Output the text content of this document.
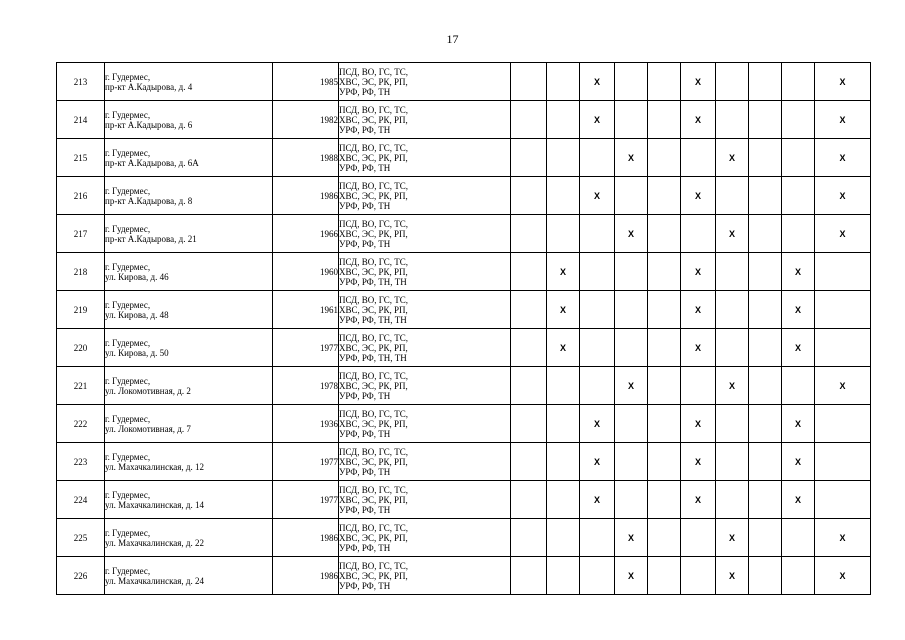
17
213	г. Гудермес,
пр-кт А.Кадырова, д. 4	1985	ПСД, ВО, ГС, ТС,
ХВС, ЭС, РК, РП,
УРФ, РФ, ТН			X			X				X
214	г. Гудермес,
пр-кт А.Кадырова, д. 6	1982	ПСД, ВО, ГС, ТС,
ХВС, ЭС, РК, РП,
УРФ, РФ, ТН			X			X				X
215	г. Гудермес,
пр-кт А.Кадырова, д. 6А	1988	ПСД, ВО, ГС, ТС,
ХВС, ЭС, РК, РП,
УРФ, РФ, ТН				X			X			X
216	г. Гудермес,
пр-кт А.Кадырова, д. 8	1986	ПСД, ВО, ГС, ТС,
ХВС, ЭС, РК, РП,
УРФ, РФ, ТН			X			X				X
217	г. Гудермес,
пр-кт А.Кадырова, д. 21	1966	ПСД, ВО, ГС, ТС,
ХВС, ЭС, РК, РП,
УРФ, РФ, ТН				X			X			X
218	г. Гудермес,
ул. Кирова, д. 46	1960	ПСД, ВО, ГС, ТС,
ХВС, ЭС, РК, РП,
УРФ, РФ, ТН, ТН		X				X			X	
219	г. Гудермес,
ул. Кирова, д. 48	1961	ПСД, ВО, ГС, ТС,
ХВС, ЭС, РК, РП,
УРФ, РФ, ТН, ТН		X				X			X	
220	г. Гудермес,
ул. Кирова, д. 50	1977	ПСД, ВО, ГС, ТС,
ХВС, ЭС, РК, РП,
УРФ, РФ, ТН, ТН		X				X			X	
221	г. Гудермес,
ул. Локомотивная, д. 2	1978	ПСД, ВО, ГС, ТС,
ХВС, ЭС, РК, РП,
УРФ, РФ, ТН				X			X			X
222	г. Гудермес,
ул. Локомотивная, д. 7	1936	ПСД, ВО, ГС, ТС,
ХВС, ЭС, РК, РП,
УРФ, РФ, ТН			X			X			X	
223	г. Гудермес,
ул. Махачкалинская, д. 12	1977	ПСД, ВО, ГС, ТС,
ХВС, ЭС, РК, РП,
УРФ, РФ, ТН			X			X			X	
224	г. Гудермес,
ул. Махачкалинская, д. 14	1977	ПСД, ВО, ГС, ТС,
ХВС, ЭС, РК, РП,
УРФ, РФ, ТН			X			X			X	
225	г. Гудермес,
ул. Махачкалинская, д. 22	1986	ПСД, ВО, ГС, ТС,
ХВС, ЭС, РК, РП,
УРФ, РФ, ТН				X			X			X
226	г. Гудермес,
ул. Махачкалинская, д. 24	1986	ПСД, ВО, ГС, ТС,
ХВС, ЭС, РК, РП,
УРФ, РФ, ТН				X			X			X
